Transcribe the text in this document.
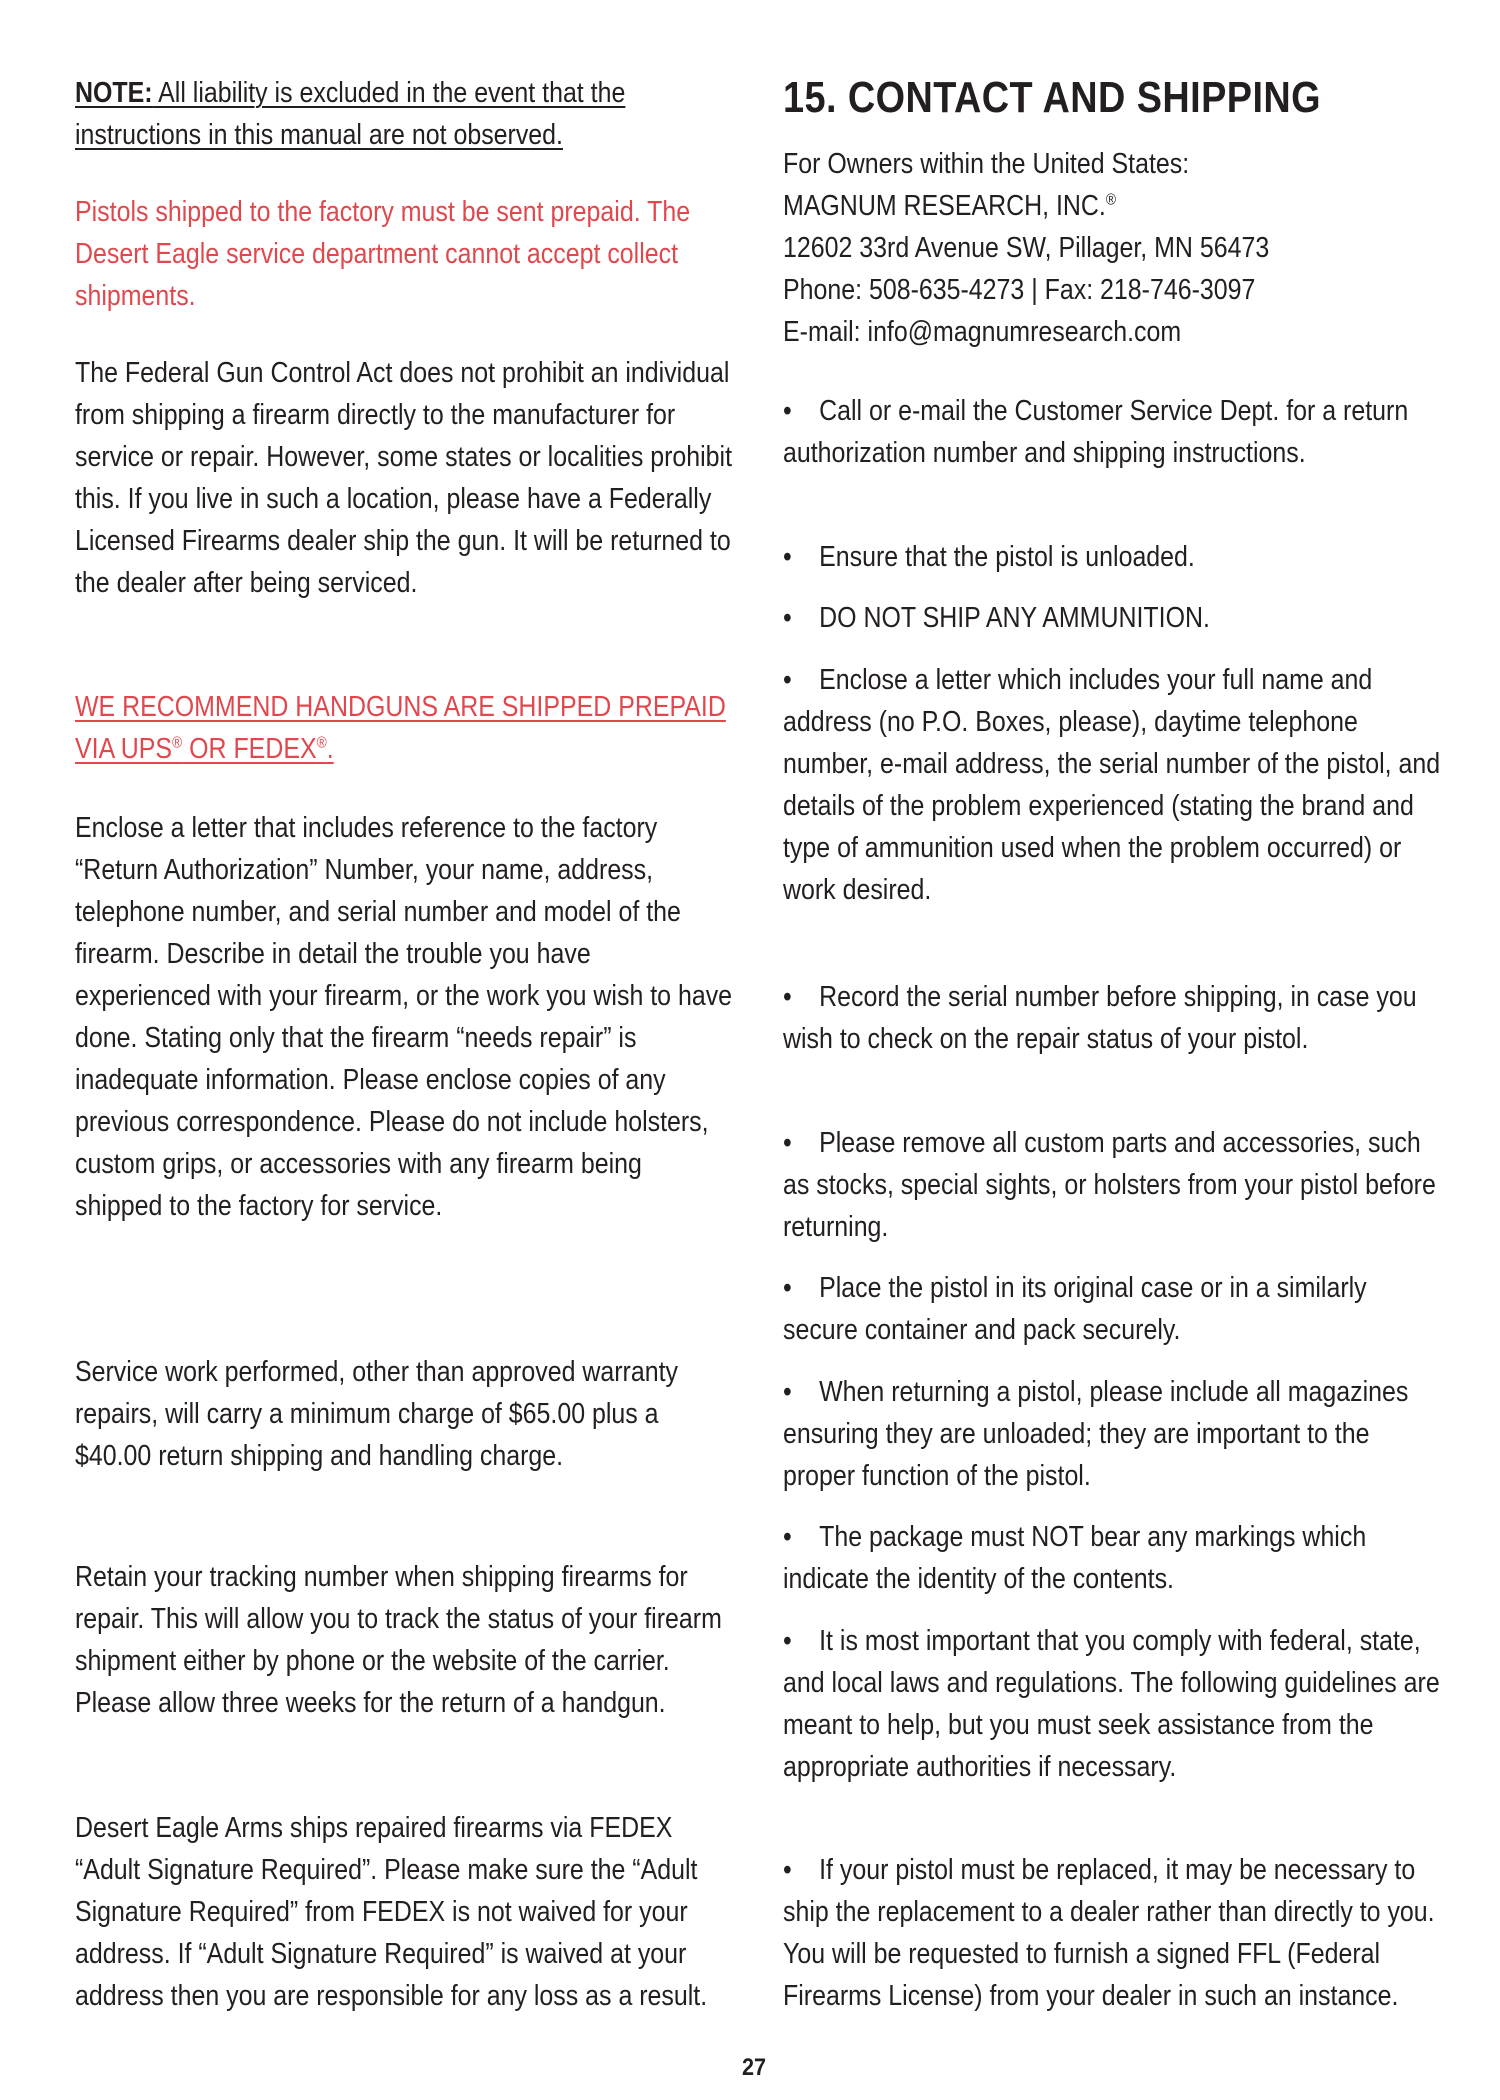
NOTE: All liability is excluded in the event that the instructions in this manual are not observed.

Pistols shipped to the factory must be sent prepaid. The Desert Eagle service department cannot accept collect shipments.

The Federal Gun Control Act does not prohibit an individual from shipping a firearm directly to the manufacturer for service or repair. However, some states or localities prohibit this. If you live in such a location, please have a Federally Licensed Firearms dealer ship the gun. It will be returned to the dealer after being serviced.

WE RECOMMEND HANDGUNS ARE SHIPPED PREPAID VIA UPS® OR FEDEX®.

Enclose a letter that includes reference to the factory “Return Authorization” Number, your name, address, telephone number, and serial number and model of the firearm. Describe in detail the trouble you have experienced with your firearm, or the work you wish to have done. Stating only that the firearm “needs repair” is inadequate information. Please enclose copies of any previous correspondence. Please do not include holsters, custom grips, or accessories with any firearm being shipped to the factory for service.

Service work performed, other than approved warranty repairs, will carry a minimum charge of $65.00 plus a $40.00 return shipping and handling charge.

Retain your tracking number when shipping firearms for repair. This will allow you to track the status of your firearm shipment either by phone or the website of the carrier. Please allow three weeks for the return of a handgun.

Desert Eagle Arms ships repaired firearms via FEDEX “Adult Signature Required”. Please make sure the “Adult Signature Required” from FEDEX is not waived for your address. If “Adult Signature Required” is waived at your address then you are responsible for any loss as a result.

15. CONTACT AND SHIPPING

For Owners within the United States:

MAGNUM RESEARCH, INC.®

12602 33rd Avenue SW, Pillager, MN 56473

Phone: 508-635-4273 | Fax: 218-746-3097

E-mail: info@magnumresearch.com

• Call or e-mail the Customer Service Dept. for a return authorization number and shipping instructions.

• Ensure that the pistol is unloaded.

• DO NOT SHIP ANY AMMUNITION.

• Enclose a letter which includes your full name and address (no P.O. Boxes, please), daytime telephone number, e-mail address, the serial number of the pistol, and details of the problem experienced (stating the brand and type of ammunition used when the problem occurred) or work desired.

• Record the serial number before shipping, in case you wish to check on the repair status of your pistol.

• Please remove all custom parts and accessories, such as stocks, special sights, or holsters from your pistol before returning.

• Place the pistol in its original case or in a similarly secure container and pack securely.

• When returning a pistol, please include all magazines ensuring they are unloaded; they are important to the proper function of the pistol.

• The package must NOT bear any markings which indicate the identity of the contents.

• It is most important that you comply with federal, state, and local laws and regulations. The following guidelines are meant to help, but you must seek assistance from the appropriate authorities if necessary.

• If your pistol must be replaced, it may be necessary to ship the replacement to a dealer rather than directly to you. You will be requested to furnish a signed FFL (Federal Firearms License) from your dealer in such an instance.

27
